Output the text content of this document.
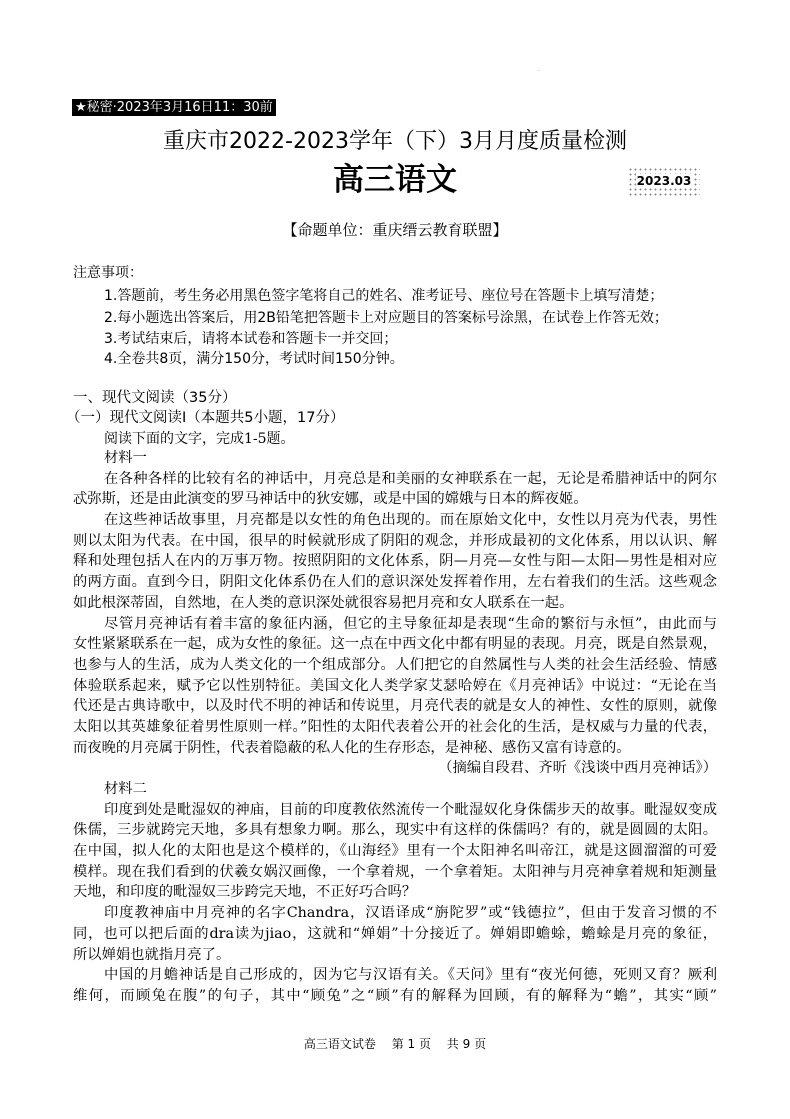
.
★秘密·2023年3月16日11：30前
重庆市2022-2023学年（下）3月月度质量检测
高三语文	2023.03
【命题单位：重庆缙云教育联盟】
注意事项：
1.答题前，考生务必用黑色签字笔将自己的姓名、准考证号、座位号在答题卡上填写清楚；
2.每小题选出答案后，用2B铅笔把答题卡上对应题目的答案标号涂黑，在试卷上作答无效；
3.考试结束后，请将本试卷和答题卡一并交回；
4.全卷共8页，满分150分，考试时间150分钟。
一、现代文阅读（35分）
（一）现代文阅读Ⅰ（本题共5小题，17分）
阅读下面的文字，完成1-5题。
材料一
在各种各样的比较有名的神话中，月亮总是和美丽的女神联系在一起，无论是希腊神话中的阿尔
忒弥斯，还是由此演变的罗马神话中的狄安娜，或是中国的嫦娥与日本的辉夜姬。
在这些神话故事里，月亮都是以女性的角色出现的。而在原始文化中，女性以月亮为代表，男性
则以太阳为代表。在中国，很早的时候就形成了阴阳的观念，并形成最初的文化体系，用以认识、解
释和处理包括人在内的万事万物。按照阴阳的文化体系，阴—月亮—女性与阳—太阳—男性是相对应
的两方面。直到今日，阴阳文化体系仍在人们的意识深处发挥着作用，左右着我们的生活。这些观念
如此根深蒂固，自然地，在人类的意识深处就很容易把月亮和女人联系在一起。
尽管月亮神话有着丰富的象征内涵，但它的主导象征却是表现“生命的繁衍与永恒”，由此而与
女性紧紧联系在一起，成为女性的象征。这一点在中西文化中都有明显的表现。月亮，既是自然景观，
也参与人的生活，成为人类文化的一个组成部分。人们把它的自然属性与人类的社会生活经验、情感
体验联系起来，赋予它以性别特征。美国文化人类学家艾瑟哈婷在《月亮神话》中说过：“无论在当
代还是古典诗歌中，以及时代不明的神话和传说里，月亮代表的就是女人的神性、女性的原则，就像
太阳以其英雄象征着男性原则一样。”阳性的太阳代表着公开的社会化的生活，是权威与力量的代表，
而夜晚的月亮属于阴性，代表着隐蔽的私人化的生存形态，是神秘、感伤又富有诗意的。
（摘编自段君、齐昕《浅谈中西月亮神话》）
材料二
印度到处是毗湿奴的神庙，目前的印度教依然流传一个毗湿奴化身侏儒步天的故事。毗湿奴变成
侏儒，三步就跨完天地，多具有想象力啊。那么，现实中有这样的侏儒吗？有的，就是圆圆的太阳。
在中国，拟人化的太阳也是这个模样的，《山海经》里有一个太阳神名叫帝江，就是这圆溜溜的可爱
模样。现在我们看到的伏羲女娲汉画像，一个拿着规，一个拿着矩。太阳神与月亮神拿着规和矩测量
天地，和印度的毗湿奴三步跨完天地，不正好巧合吗？
印度教神庙中月亮神的名字Chandra，汉语译成“旃陀罗”或“钱德拉”，但由于发音习惯的不
同，也可以把后面的dra读为jiao，这就和“婵娟”十分接近了。婵娟即蟾蜍，蟾蜍是月亮的象征，
所以婵娟也就指月亮了。
中国的月蟾神话是自己形成的，因为它与汉语有关。《天问》里有“夜光何德，死则又育？厥利
维何，而顾兔在腹”的句子，其中“顾兔”之“顾”有的解释为回顾，有的解释为“蟾”，其实“顾”
高三语文试卷　 第 1 页　 共 9 页
